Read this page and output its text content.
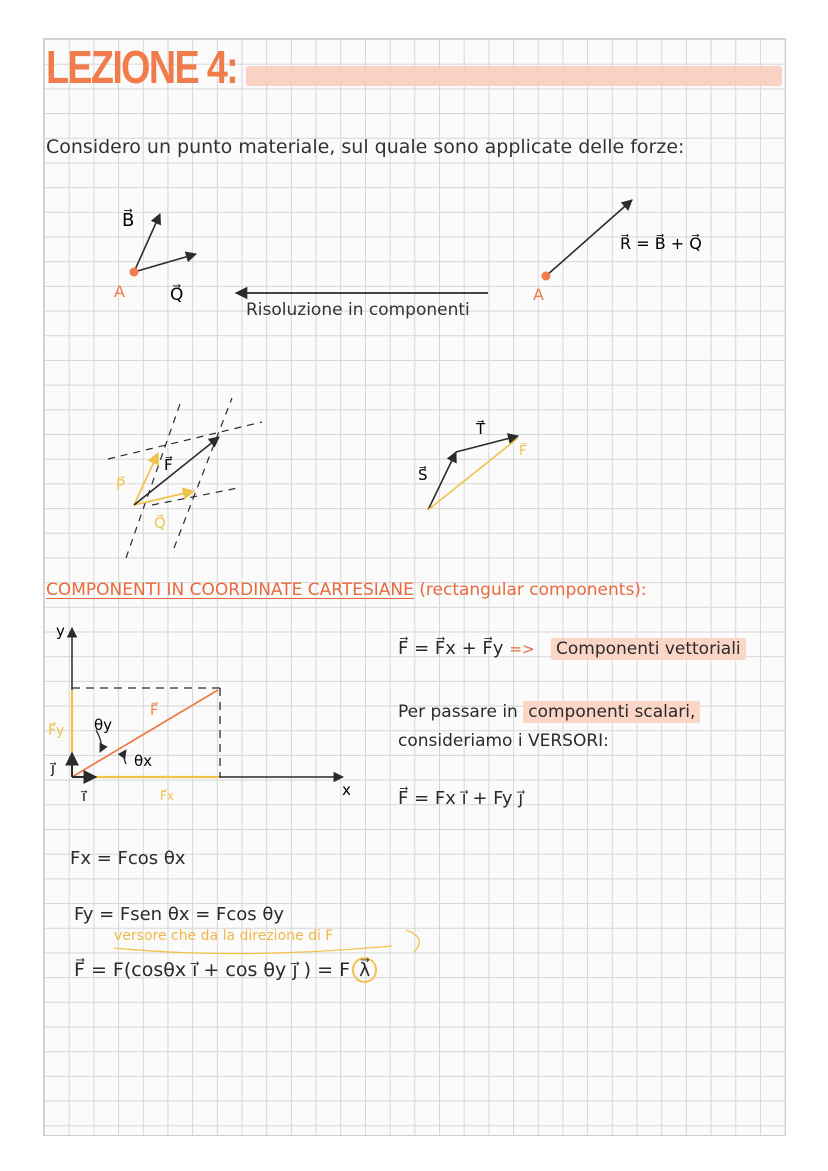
LEZIONE 4:
Considero un punto materiale, sul quale sono applicate delle forze:
B⃗
A	Q⃗
R⃗ = B⃗ + Q⃗
A
F⃗
P⃗
Q⃗
T⃗
S⃗
F⃗
y
x
F⃗
F⃗y
F⃗x
j⃗
i⃗
θy
θx
Risoluzione in componenti
COMPONENTI IN COORDINATE CARTESIANE (rectangular components):
F⃗ = F⃗x + F⃗y =>	Componenti vettoriali
Per passare in componenti scalari,
consideriamo i VERSORI:
F⃗ = Fx i⃗ + Fy j⃗
Fx = Fcos θx
Fy = Fsen θx = Fcos θy
versore che da la direzione di F
F⃗ = F(cosθx i⃗ + cos θy j⃗ ) = F λ⃗
